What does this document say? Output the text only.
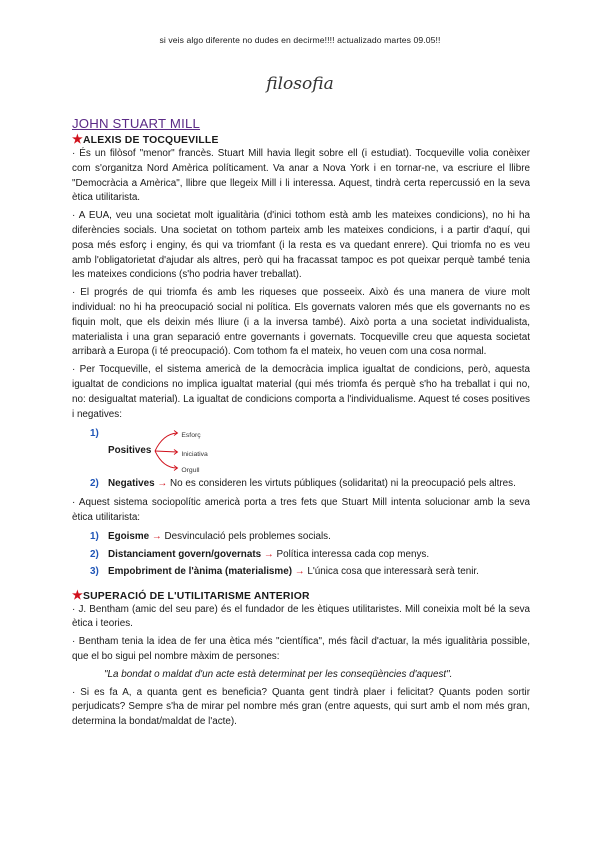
si veis algo diferente no dudes en decirme!!!! actualizado martes 09.05!!
filosofia
JOHN STUART MILL
★ALEXIS DE TOCQUEVILLE

· És un filòsof "menor" francès. Stuart Mill havia llegit sobre ell (i estudiat). Tocqueville volia conèixer com s'organitza Nord Amèrica políticament. Va anar a Nova York i en tornar-ne, va escriure el llibre "Democràcia a Amèrica", llibre que llegeix Mill i li interessa. Aquest, tindrà certa repercussió en la seva ètica utilitarista.

· A EUA, veu una societat molt igualitària (d'inici tothom està amb les mateixes condicions), no hi ha diferències socials. Una societat on tothom parteix amb les mateixes condicions, i a partir d'aquí, qui posa més esforç i enginy, és qui va triomfant (i la resta es va quedant enrere). Qui triomfa no es veu amb l'obligatorietat d'ajudar als altres, però qui ha fracassat tampoc es pot queixar perquè també tenia les mateixes condicions (s'ho podria haver treballat).

· El progrés de qui triomfa és amb les riqueses que posseeix. Això és una manera de viure molt individual: no hi ha preocupació social ni política. Els governats valoren més que els governants no es fiquin molt, que els deixin més lliure (i a la inversa també). Això porta a una societat individualista, materialista i una gran separació entre governants i governats. Tocqueville creu que aquesta societat arribarà a Europa (i té preocupació). Com tothom fa el mateix, ho veuen com una cosa normal.

· Per Tocqueville, el sistema americà de la democràcia implica igualtat de condicions, però, aquesta igualtat de condicions no implica igualtat material (qui més triomfa és perquè s'ho ha treballat i qui no, no: desigualtat material). La igualtat de condicions comporta a l'individualisme. Aquest té coses positives i negatives:

1)
Positives
Esforç
Iniciativa
Orgull
2) Negatives → No es consideren les virtuts públiques (solidaritat) ni la preocupació pels altres.

· Aquest sistema sociopolític americà porta a tres fets que Stuart Mill intenta solucionar amb la seva ètica utilitarista:

1) Egoisme → Desvinculació pels problemes socials.
2) Distanciament govern/governats → Política interessa cada cop menys.
3) Empobriment de l'ànima (materialisme) → L'única cosa que interessarà serà tenir.
★SUPERACIÓ DE L'UTILITARISME ANTERIOR

· J. Bentham (amic del seu pare) és el fundador de les ètiques utilitaristes. Mill coneixia molt bé la seva ètica i teories.

· Bentham tenia la idea de fer una ètica més "científica", més fàcil d'actuar, la més igualitària possible, que el bo sigui pel nombre màxim de persones:

"La bondat o maldat d'un acte està determinat per les conseqüències d'aquest".

· Si es fa A, a quanta gent es beneficia? Quanta gent tindrà plaer i felicitat? Quants poden sortir perjudicats? Sempre s'ha de mirar pel nombre més gran (entre aquests, qui surt amb el nom més gran, determina la bondat/maldat de l'acte).
